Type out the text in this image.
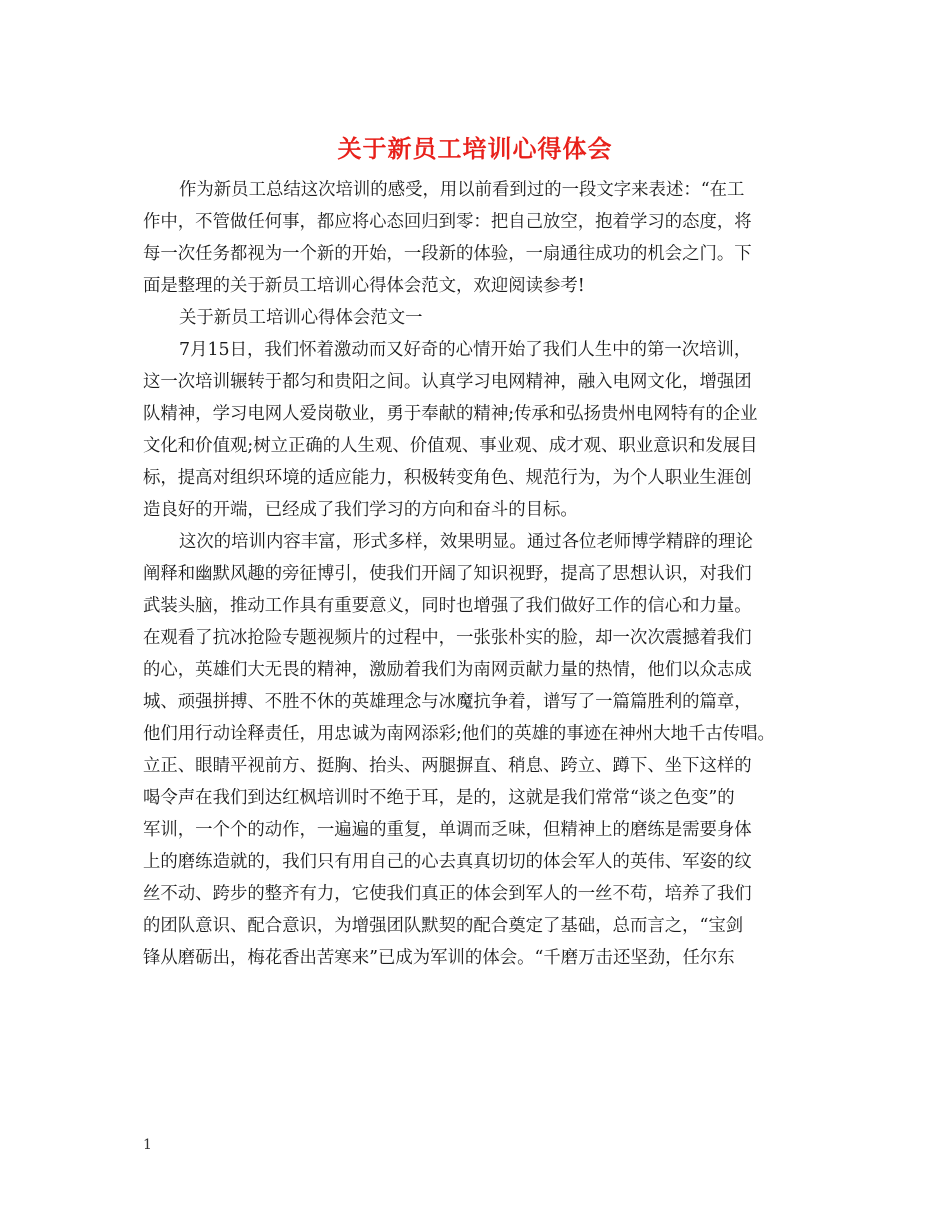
关于新员工培训心得体会

作为新员工总结这次培训的感受，用以前看到过的一段文字来表述：“在工

作中，不管做任何事，都应将心态回归到零：把自己放空，抱着学习的态度，将

每一次任务都视为一个新的开始，一段新的体验，一扇通往成功的机会之门。下

面是整理的关于新员工培训心得体会范文，欢迎阅读参考!

关于新员工培训心得体会范文一

7月15日，我们怀着激动而又好奇的心情开始了我们人生中的第一次培训，

这一次培训辗转于都匀和贵阳之间。认真学习电网精神，融入电网文化，增强团

队精神，学习电网人爱岗敬业，勇于奉献的精神;传承和弘扬贵州电网特有的企业

文化和价值观;树立正确的人生观、价值观、事业观、成才观、职业意识和发展目

标，提高对组织环境的适应能力，积极转变角色、规范行为，为个人职业生涯创

造良好的开端，已经成了我们学习的方向和奋斗的目标。

这次的培训内容丰富，形式多样，效果明显。通过各位老师博学精辟的理论

阐释和幽默风趣的旁征博引，使我们开阔了知识视野，提高了思想认识，对我们

武装头脑，推动工作具有重要意义，同时也增强了我们做好工作的信心和力量。

在观看了抗冰抢险专题视频片的过程中，一张张朴实的脸，却一次次震撼着我们

的心，英雄们大无畏的精神，激励着我们为南网贡献力量的热情，他们以众志成

城、顽强拼搏、不胜不休的英雄理念与冰魔抗争着，谱写了一篇篇胜利的篇章，

他们用行动诠释责任，用忠诚为南网添彩;他们的英雄的事迹在神州大地千古传唱。

立正、眼睛平视前方、挺胸、抬头、两腿摒直、稍息、跨立、蹲下、坐下这样的

喝令声在我们到达红枫培训时不绝于耳，是的，这就是我们常常“谈之色变”的

军训，一个个的动作，一遍遍的重复，单调而乏味，但精神上的磨练是需要身体

上的磨练造就的，我们只有用自己的心去真真切切的体会军人的英伟、军姿的纹

丝不动、跨步的整齐有力，它使我们真正的体会到军人的一丝不苟，培养了我们

的团队意识、配合意识，为增强团队默契的配合奠定了基础，总而言之，“宝剑

锋从磨砺出，梅花香出苦寒来”已成为军训的体会。“千磨万击还坚劲，任尔东

1
